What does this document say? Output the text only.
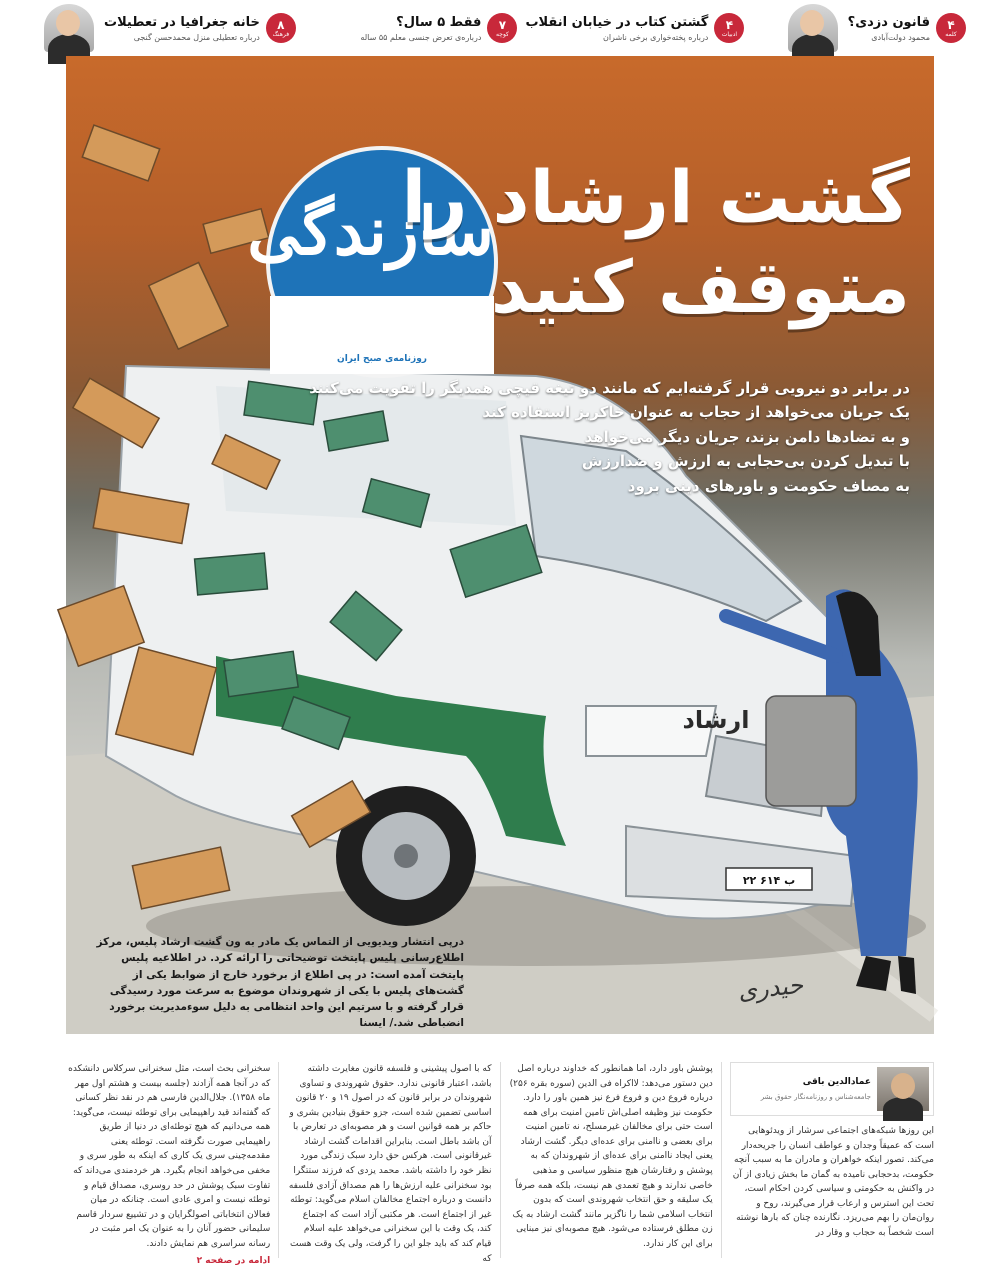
۴
کلمه
قانون دزدی؟
محمود دولت‌آبادی
۴
ادبیات
گشتن کتاب در خیابان انقلاب
درباره پخته‌خواری برخی ناشران
۷
کوچه
فقط ۵ سال؟
درباره‌ی تعرض جنسی معلم ۵۵ ساله
۸
فرهنگ
خانه جغرافیا در تعطیلات
درباره تعطیلی منزل محمدحسن گنجی
سازندگی
روزنامه‌ی صبح ایران
گشت ارشاد را
متوقف کنید
در برابر دو نیرویی قرار گرفته‌ایم که مانند دو تیغه قیچی همدیگر را تقویت می‌کنند
یک جریان می‌خواهد از حجاب به عنوان خاکریز استفاده کند
و به تضادها دامن بزند، جریان دیگر می‌خواهد
با تبدیل کردن بی‌حجابی به ارزش و ضدارزش
به مصاف حکومت و باورهای دینی برود
ارشاد
۲۲ ب ۶۱۴
درپی انتشار ویدیویی از التماس یک مادر به ون گشت ارشاد پلیس، مرکز اطلاع‌رسانی پلیس پایتخت توضیحاتی را ارائه کرد. در اطلاعیه پلیس پایتخت آمده است: در پی اطلاع از برخورد خارج از ضوابط یکی از گشت‌های پلیس با یکی از شهروندان موضوع به سرعت مورد رسیدگی قرار گرفته و با سرتیم این واحد انتظامی به دلیل سوءمدیریت برخورد انضباطی شد./ ایسنا
حیدری
عمادالدین باقی
جامعه‌شناس و روزنامه‌نگار حقوق بشر

این روزها شبکه‌های اجتماعی سرشار از ویدئوهایی است که عمیقاً وجدان و عواطف انسان را جریحه‌دار می‌کند. تصور اینکه خواهران و مادران ما به سبب آنچه حکومت، بدحجابی نامیده به گمان ما بخش زیادی از آن در واکنش به حکومتی و سیاسی کردن احکام است، تحت این استرس و ارعاب قرار می‌گیرند، روح و روان‌مان را بهم می‌ریزد. نگارنده چنان که بارها نوشته است شخصاً به حجاب و وقار در

پوشش باور دارد، اما همانطور که خداوند درباره اصل دین دستور می‌دهد: لااکراه فی الدین (سوره بقره ۲۵۶) درباره فروع دین و فروع فرع نیز همین باور را دارد. حکومت نیز وظیفه اصلی‌اش تامین امنیت برای همه است حتی برای مخالفان غیرمسلح، نه تامین امنیت برای بعضی و ناامنی برای عده‌ای دیگر. گشت ارشاد یعنی ایجاد ناامنی برای عده‌ای از شهروندان که به پوشش و رفتارشان هیچ منظور سیاسی و مذهبی خاصی ندارند و هیچ تعمدی هم نیست، بلکه همه صرفاً یک سلیقه و حق انتخاب شهروندی است که بدون انتخاب اسلامی شما را ناگزیر مانند گشت ارشاد به یک زن مطلق فرستاده می‌شود. هیچ مصوبه‌ای نیز مبنایی برای این کار ندارد.

که با اصول پیشینی و فلسفه قانون مغایرت داشته باشد، اعتبار قانونی ندارد. حقوق شهروندی و تساوی شهروندان در برابر قانون که در اصول ۱۹ و ۲۰ قانون اساسی تضمین شده است، جزو حقوق بنیادین بشری و حاکم بر همه قوانین است و هر مصوبه‌ای در تعارض با آن باشد باطل است. بنابراین اقدامات گشت ارشاد غیرقانونی است. هرکس حق دارد سبک زندگی مورد نظر خود را داشته باشد. محمد یزدی که فرزند ستتگرا بود سخنرانی علیه ارزش‌ها را هم مصداق آزادی فلسفه دانست و درباره اجتماع مخالفان اسلام می‌گوید: توطئه غیر از اجتماع است. هر مکتبی آزاد است که اجتماع کند، یک وقت با این سخنرانی می‌خواهد علیه اسلام قیام کند که باید جلو این را گرفت، ولی یک وقت هست که

سخنرانی بحث است، مثل سخنرانی سرکلاس دانشکده که در آنجا همه آزادند (جلسه بیست و هشتم اول مهر ماه ۱۳۵۸). جلال‌الدین فارسی هم در نقد نظر کسانی که گفته‌اند قید راهپیمایی برای توطئه نیست، می‌گوید: همه می‌دانیم که هیچ توطئه‌ای در دنیا از طریق راهپیمایی صورت نگرفته است. توطئه یعنی مقدمه‌چینی سری یک کاری که اینکه به طور سری و مخفی می‌خواهد انجام بگیرد. هر خردمندی می‌داند که تفاوت سبک پوشش در حد روسری، مصداق قیام و توطئه نیست و امری عادی است. چنانکه در میان فعالان انتخاباتی اصولگرایان و در تشییع سردار قاسم سلیمانی حضور آنان را به عنوان یک امر مثبت در رسانه سراسری هم نمایش دادند.

ادامه در صفحه ۲
